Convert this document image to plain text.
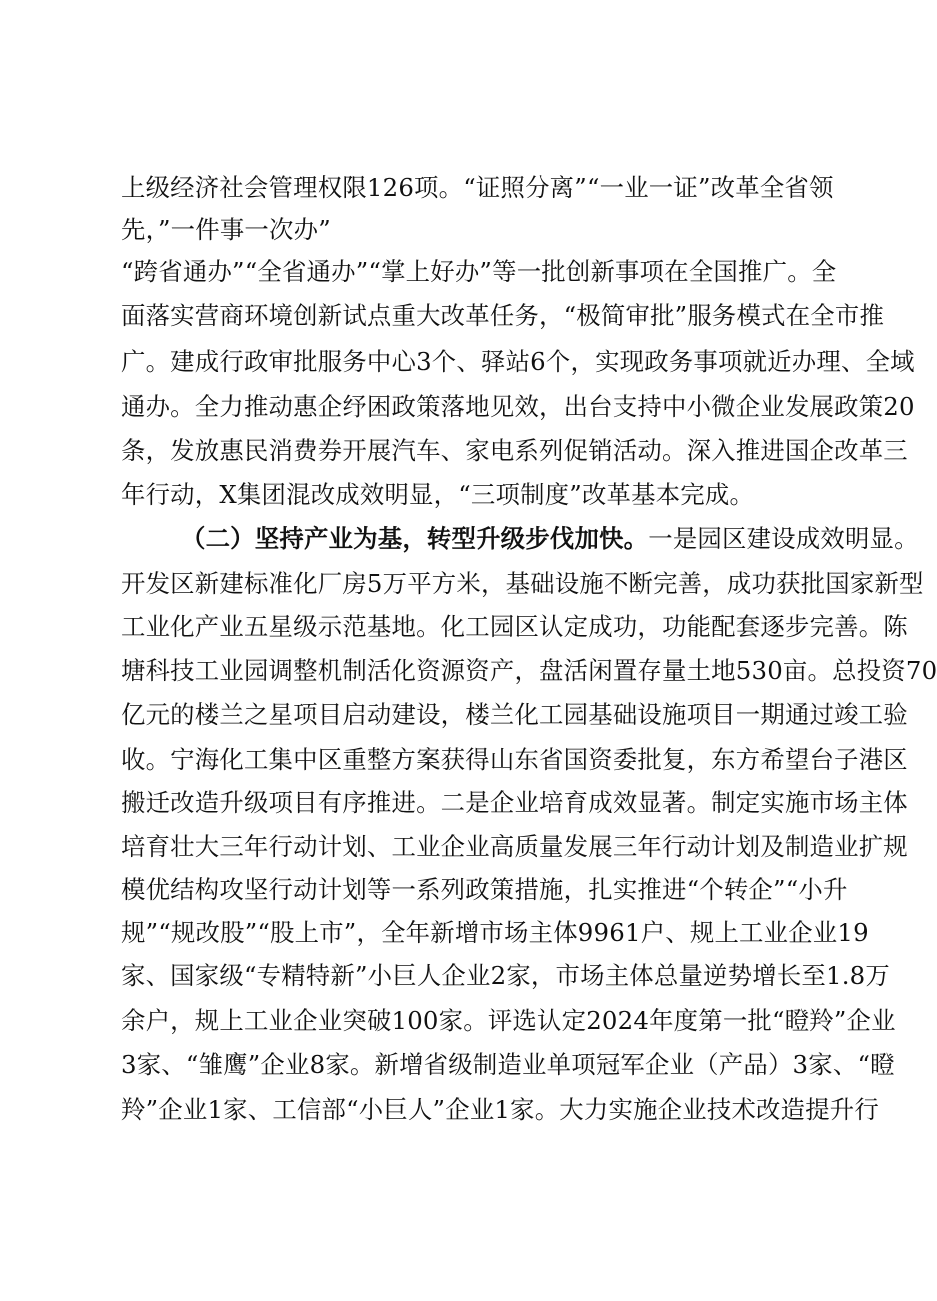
上级经济社会管理权限126项。“证照分离”“一业一证”改革全省领
先，”一件事一次办”
“跨省通办”“全省通办”“掌上好办”等一批创新事项在全国推广。全
面落实营商环境创新试点重大改革任务，“极简审批”服务模式在全市推
广。建成行政审批服务中心3个、驿站6个，实现政务事项就近办理、全域
通办。全力推动惠企纾困政策落地见效，出台支持中小微企业发展政策20
条，发放惠民消费券开展汽车、家电系列促销活动。深入推进国企改革三
年行动，X集团混改成效明显，“三项制度”改革基本完成。
（二）坚持产业为基，转型升级步伐加快。一是园区建设成效明显。
开发区新建标准化厂房5万平方米，基础设施不断完善，成功获批国家新型
工业化产业五星级示范基地。化工园区认定成功，功能配套逐步完善。陈
塘科技工业园调整机制活化资源资产，盘活闲置存量土地530亩。总投资70
亿元的楼兰之星项目启动建设，楼兰化工园基础设施项目一期通过竣工验
收。宁海化工集中区重整方案获得山东省国资委批复，东方希望台子港区
搬迁改造升级项目有序推进。二是企业培育成效显著。制定实施市场主体
培育壮大三年行动计划、工业企业高质量发展三年行动计划及制造业扩规
模优结构攻坚行动计划等一系列政策措施，扎实推进“个转企”“小升
规”“规改股”“股上市”，全年新增市场主体9961户、规上工业企业19
家、国家级“专精特新”小巨人企业2家，市场主体总量逆势增长至1.8万
余户，规上工业企业突破100家。评选认定2024年度第一批“瞪羚”企业
3家、“雏鹰”企业8家。新增省级制造业单项冠军企业（产品）3家、“瞪
羚”企业1家、工信部“小巨人”企业1家。大力实施企业技术改造提升行
